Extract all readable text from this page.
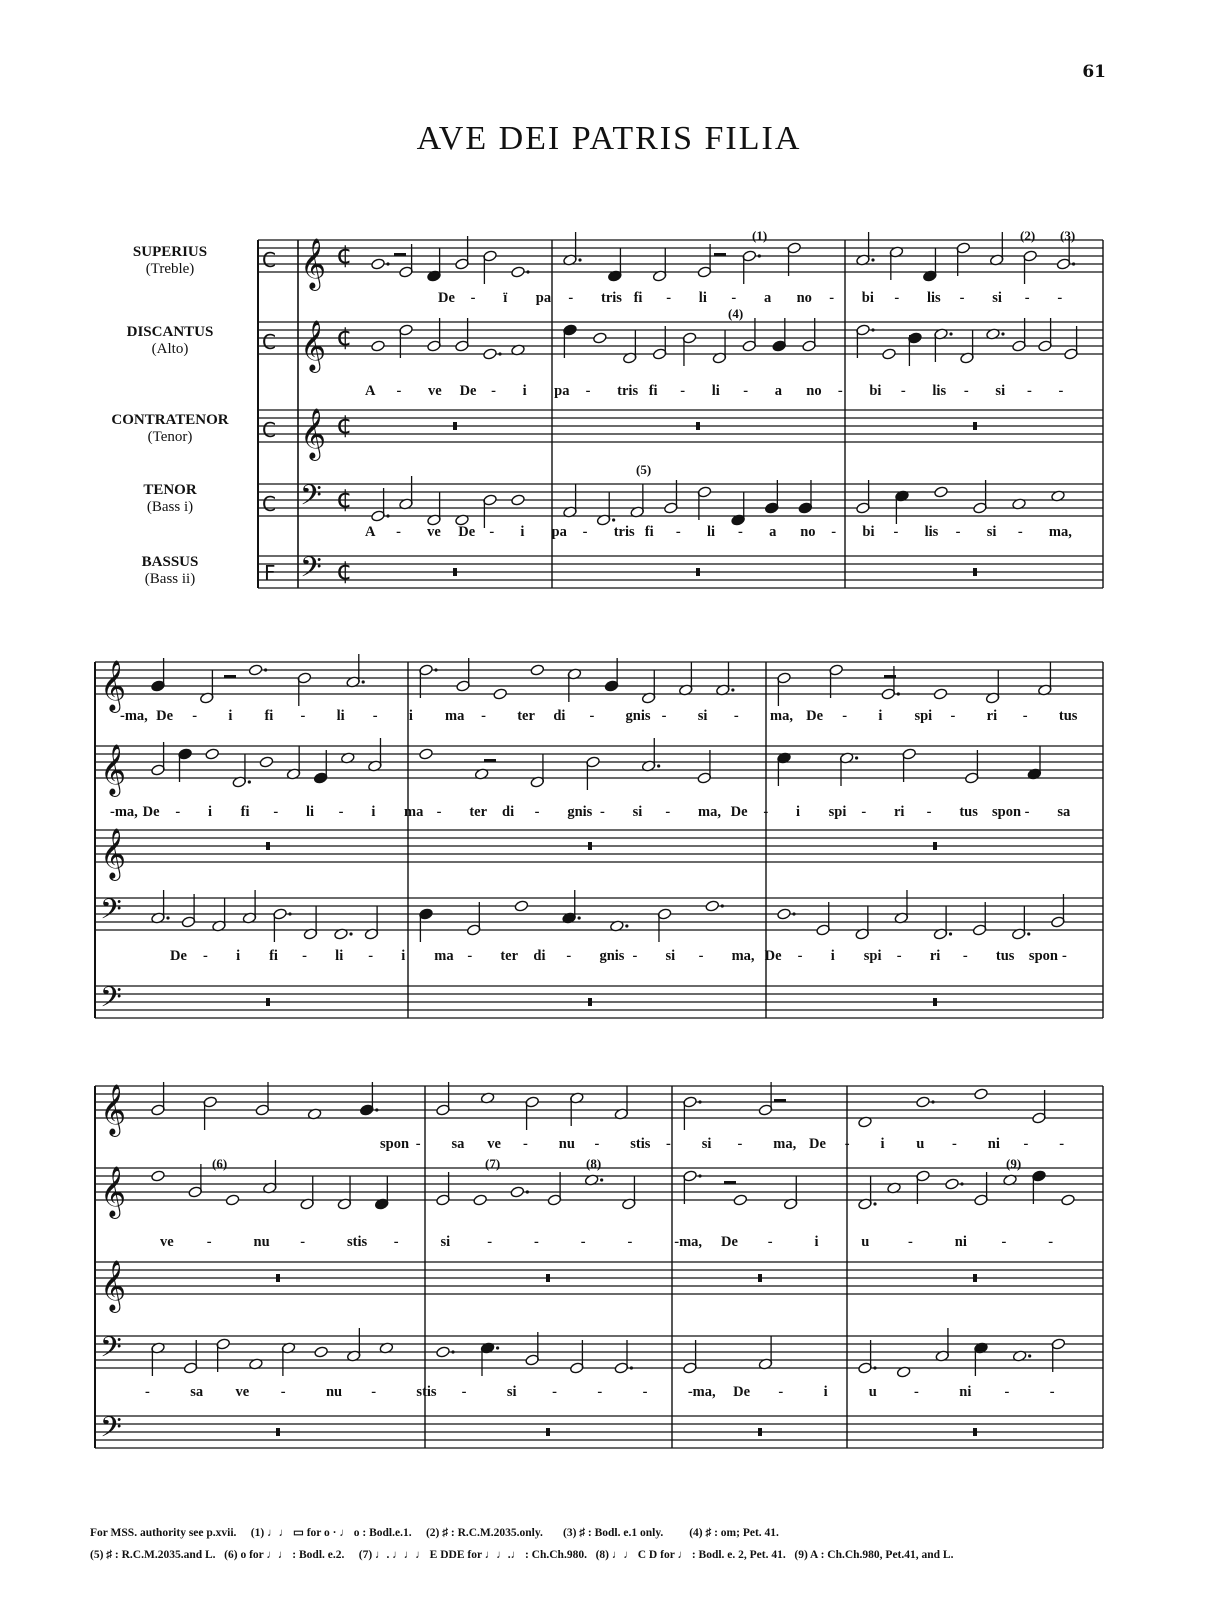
61
AVE DEI PATRIS FILIA
SUPERIUS
(Treble)
DISCANTUS
(Alto)
CONTRATENOR
(Tenor)
TENOR
(Bass i)
BASSUS
(Bass ii)
𝄞
𝄞
𝄞
𝄢
𝄢
C
C
C
C
F
¢
¢
¢
¢
¢
𝄞
𝄞
𝄞
𝄢
𝄢
𝄞
𝄞
𝄞
𝄢
𝄢
De - ï pa - tris fi - li - a no - bi - lis - si - -
A - ve De - i pa - tris fi - li - a no - bi - lis - si - -
A - ve De - i pa - tris fi - li - a no - bi - lis - si - ma,
(1)	(2) (3)
(4)
(5)
-ma, De - i fi - li - i ma - ter di - gnis - si - ma, De - i spi - ri - tus
-ma, De - i fi - li - i ma - ter di - gnis - si - ma, De - i spi - ri - tus spon - sa
De - i fi - li - i ma - ter di - gnis - si - ma, De - i spi - ri - tus spon -
spon - sa ve - nu - stis - si - ma, De - i u - ni - -
ve -	nu -	stis -	si	-	-	-	-	-ma, De -	i	u	-	ni -	-
-	sa ve -	nu -	stis -	si -	-	-	-ma, De -	i	u	-	ni -	-
(6)	(7)	(8)	(9)
For MSS. authority see p.xvii. (1) ♩♩ ▭ for o · ♩ o : Bodl.e.1. (2) ♯ : R.C.M.2035.only. (3) ♯ : Bodl. e.1 only. (4) ♯ : om; Pet. 41.
(5) ♯ : R.C.M.2035.and L. (6) o for ♩♩ : Bodl. e.2. (7) ♩. ♩♩♩ E DDE for ♩♩.♩ : Ch.Ch.980. (8) ♩♩ C D for ♩ : Bodl. e. 2, Pet. 41. (9) A : Ch.Ch.980, Pet.41, and L.
